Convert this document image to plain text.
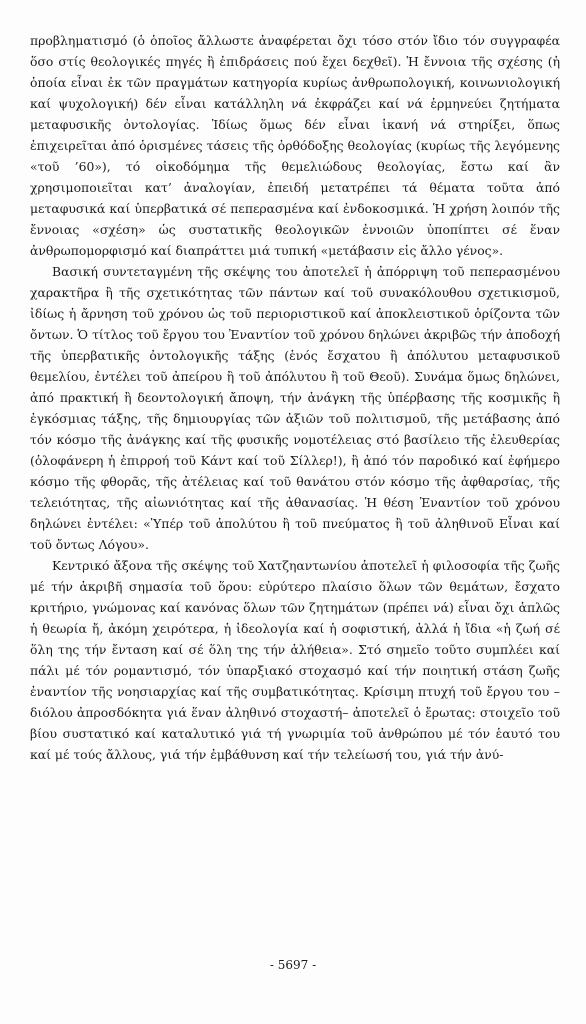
προβληματισμό (ὁ ὁποῖος ἄλλωστε ἀναφέρεται ὄχι τόσο στόν ἴδιο τόν συγγραφέα ὅσο στίς θεολογικές πηγές ἢ ἐπιδράσεις πού ἔχει δεχθεῖ). Ἡ ἔννοια τῆς σχέσης (ἡ ὁποία εἶναι ἐκ τῶν πραγμάτων κατηγορία κυρίως ἀνθρωπολογική, κοινωνιολογική καί ψυχολογική) δέν εἶναι κατάλληλη νά ἐκφράζει καί νά ἑρμηνεύει ζητήματα μεταφυσικῆς ὀντολογίας. Ἰδίως ὅμως δέν εἶναι ἱκανή νά στηρίξει, ὅπως ἐπιχειρεῖται ἀπό ὁρισμένες τάσεις τῆς ὀρθόδοξης θεολογίας (κυρίως τῆς λεγόμενης «τοῦ ’60»), τό οἰκοδόμημα τῆς θεμελιώδους θεολογίας, ἔστω καί ἂν χρησιμοποιεῖται κατ’ ἀναλογίαν, ἐπειδή μετατρέπει τά θέματα τοῦτα ἀπό μεταφυσικά καί ὑπερβατικά σέ πεπερασμένα καί ἐνδοκοσμικά. Ἡ χρήση λοιπόν τῆς ἔννοιας «σχέση» ὡς συστατικῆς θεολογικῶν ἐννοιῶν ὑποπίπτει σέ ἕναν ἀνθρωπομορφισμό καί διαπράττει μιά τυπική «μετάβασιν εἰς ἄλλο γένος».

Βασική συντεταγμένη τῆς σκέψης του ἀποτελεῖ ἡ ἀπόρριψη τοῦ πεπερασμένου χαρακτῆρα ἢ τῆς σχετικότητας τῶν πάντων καί τοῦ συνακόλουθου σχετικισμοῦ, ἰδίως ἡ ἄρνηση τοῦ χρόνου ὡς τοῦ περιοριστικοῦ καί ἀποκλειστικοῦ ὁρίζοντα τῶν ὄντων. Ὁ τίτλος τοῦ ἔργου του Ἐναντίον τοῦ χρόνου δηλώνει ἀκριβῶς τήν ἀποδοχή τῆς ὑπερβατικῆς ὀντολογικῆς τάξης (ἑνός ἔσχατου ἢ ἀπόλυτου μεταφυσικοῦ θεμελίου, ἐντέλει τοῦ ἀπείρου ἢ τοῦ ἀπόλυτου ἢ τοῦ Θεοῦ). Συνάμα ὅμως δηλώνει, ἀπό πρακτική ἢ δεοντολογική ἄποψη, τήν ἀνάγκη τῆς ὑπέρβασης τῆς κοσμικῆς ἢ ἐγκόσμιας τάξης, τῆς δημιουργίας τῶν ἀξιῶν τοῦ πολιτισμοῦ, τῆς μετάβασης ἀπό τόν κόσμο τῆς ἀνάγκης καί τῆς φυσικῆς νομοτέλειας στό βασίλειο τῆς ἐλευθερίας (ὁλοφάνερη ἡ ἐπιρροή τοῦ Κάντ καί τοῦ Σίλλερ!), ἢ ἀπό τόν παροδικό καί ἐφήμερο κόσμο τῆς φθορᾶς, τῆς ἀτέλειας καί τοῦ θανάτου στόν κόσμο τῆς ἀφθαρσίας, τῆς τελειότητας, τῆς αἰωνιότητας καί τῆς ἀθανασίας. Ἡ θέση Ἐναντίον τοῦ χρόνου δηλώνει ἐντέλει: «Ὑπέρ τοῦ ἀπολύτου ἢ τοῦ πνεύματος ἢ τοῦ ἀληθινοῦ Εἶναι καί τοῦ ὄντως Λόγου».

Κεντρικό ἄξονα τῆς σκέψης τοῦ Χατζηαντωνίου ἀποτελεῖ ἡ φιλοσοφία τῆς ζωῆς μέ τήν ἀκριβῆ σημασία τοῦ ὅρου: εὐρύτερο πλαίσιο ὅλων τῶν θεμάτων, ἔσχατο κριτήριο, γνώμονας καί κανόνας ὅλων τῶν ζητημάτων (πρέπει νά) εἶναι ὄχι ἁπλῶς ἡ θεωρία ἤ, ἀκόμη χειρότερα, ἡ ἰδεολογία καί ἡ σοφιστική, ἀλλά ἡ ἴδια «ἡ ζωή σέ ὅλη της τήν ἔνταση καί σέ ὅλη της τήν ἀλήθεια». Στό σημεῖο τοῦτο συμπλέει καί πάλι μέ τόν ρομαντισμό, τόν ὑπαρξιακό στοχασμό καί τήν ποιητική στάση ζωῆς ἐναντίον τῆς νοησιαρχίας καί τῆς συμβατικότητας. Κρίσιμη πτυχή τοῦ ἔργου του –διόλου ἀπροσδόκητα γιά ἕναν ἀληθινό στοχαστή– ἀποτελεῖ ὁ ἔρωτας: στοιχεῖο τοῦ βίου συστατικό καί καταλυτικό γιά τή γνωριμία τοῦ ἀνθρώπου μέ τόν ἑαυτό του καί μέ τούς ἄλλους, γιά τήν ἐμβάθυνση καί τήν τελείωσή του, γιά τήν ἀνύ-

- 5697 -
